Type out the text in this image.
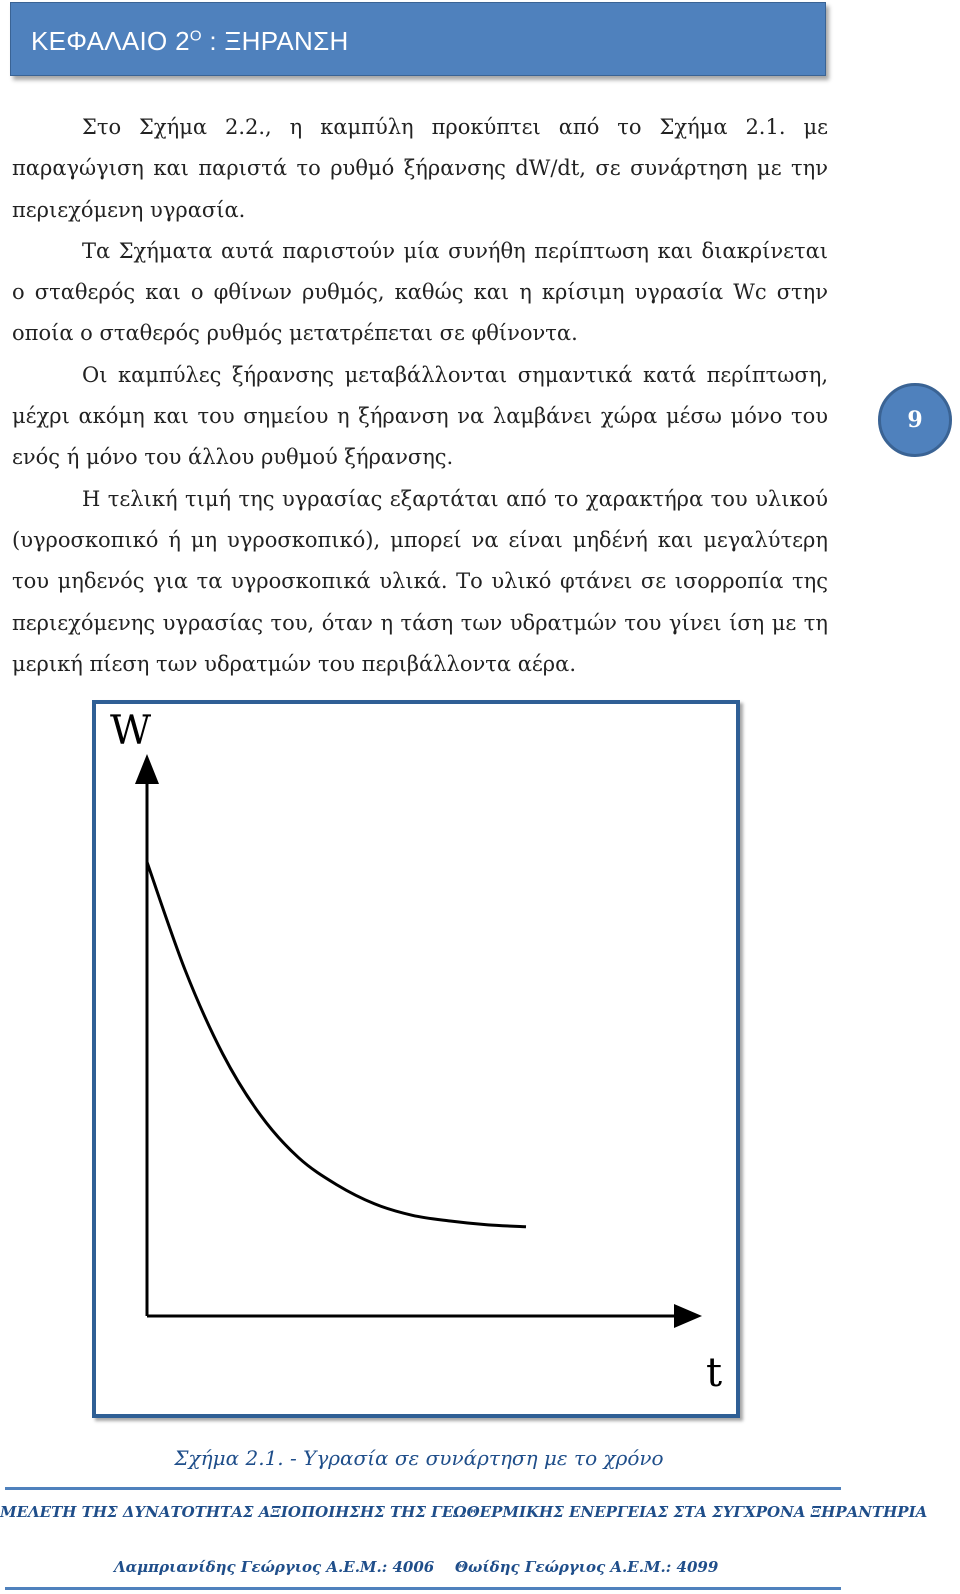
ΚΕΦΑΛΑΙΟ $2^O$ : ΞΗΡΑΝΣΗ

Στο Σχήμα 2.2., η καμπύλη προκύπτει από το Σχήμα 2.1. με παραγώγιση και παριστά το ρυθμό ξήρανσης dW/dt, σε συνάρτηση με την περιεχόμενη υγρασία.

Τα Σχήματα αυτά παριστούν μία συνήθη περίπτωση και διακρίνεται ο σταθερός και ο φθίνων ρυθμός, καθώς και η κρίσιμη υγρασία Wc στην οποία ο σταθερός ρυθμός μετατρέπεται σε φθίνοντα.

Οι καμπύλες ξήρανσης μεταβάλλονται σημαντικά κατά περίπτωση, μέχρι ακόμη και του σημείου η ξήρανση να λαμβάνει χώρα μέσω μόνο του ενός ή μόνο του άλλου ρυθμού ξήρανσης.

Η τελική τιμή της υγρασίας εξαρτάται από το χαρακτήρα του υλικού (υγροσκοπικό ή μη υγροσκοπικό), μπορεί να είναι μηδένή και μεγαλύτερη του μηδενός για τα υγροσκοπικά υλικά. Το υλικό φτάνει σε ισορροπία της περιεχόμενης υγρασίας του, όταν η τάση των υδρατμών του γίνει ίση με τη μερική πίεση των υδρατμών του περιβάλλοντα αέρα.

9
W
t
Σχήμα 2.1. - Υγρασία σε συνάρτηση με το χρόνο
ΜΕΛΕΤΗ ΤΗΣ ΔΥΝΑΤΟΤΗΤΑΣ ΑΞΙΟΠΟΙΗΣΗΣ ΤΗΣ ΓΕΩΘΕΡΜΙΚΗΣ ΕΝΕΡΓΕΙΑΣ ΣΤΑ ΣΥΓΧΡΟΝΑ ΞΗΡΑΝΤΗΡΙΑ
Λαμπριανίδης Γεώργιος Α.Ε.Μ.: 4006 Θωίδης Γεώργιος Α.Ε.Μ.: 4099
